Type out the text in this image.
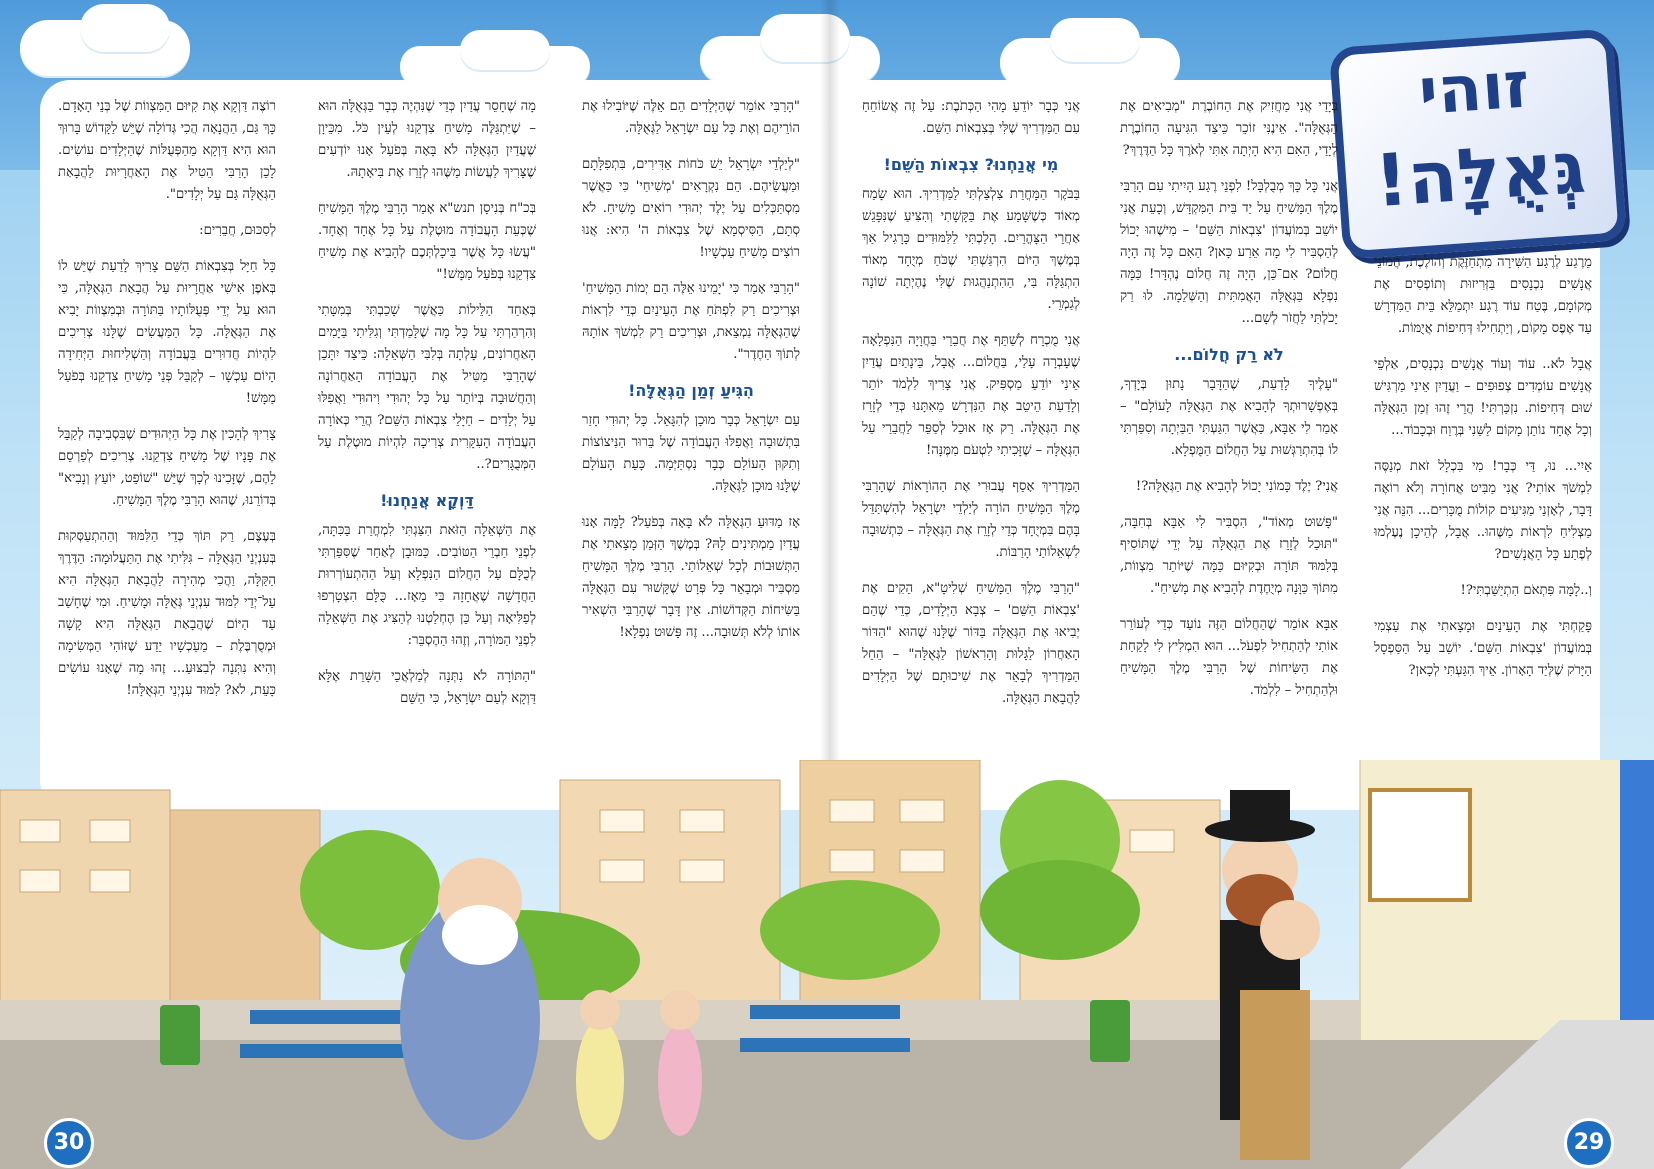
זוהי
גְּאֻלָּה!

מֵרֶגַע לְרֶגַע הַשִּׁירָה מִתְחַזֶּקֶת וְהוֹלֶכֶת, הֲמוֹנֵי אֲנָשִׁים נִכְנָסִים בַּזְּרִיזוּת וְתוֹפְסִים אֶת מְקוֹמָם, בֶּטַח עוֹד רֶגַע יִתְמַלֵּא בֵּית הַמִּדְרָשׁ עַד אֶפֶס מָקוֹם, וְיַתְחִילוּ דְּחִיפוֹת אֲיֻמּוֹת.

אֲבָל לֹא.. עוֹד וְעוֹד אֲנָשִׁים נִכְנָסִים, אַלְפֵי אֲנָשִׁים עוֹמְדִים צְפוּפִים – וַעֲדַיִן אֵינִי מַרְגִּישׁ שׁוּם דְּחִיפוֹת. נִזְכַּרְתִּי! הֲרֵי זֶהוּ זְמַן הַגְּאֻלָּה וְכָל אֶחָד נוֹתֵן מָקוֹם לַשֵּׁנִי בְּרֶוַח וּבְכָבוֹד...

אַיִי... נוּ, דַּי כְּבָר! מִי בִּכְלָל זֹאת מְנַסֶּה לִמְשֹׁךְ אוֹתִי? אֲנִי מַבִּיט אֲחוֹרָה וְלֹא רוֹאֶה דָּבָר, לְאָזְנַי מַגִּיעִים קוֹלוֹת מֻכָּרִים... הִנֵּה אֲנִי מַצְלִיחַ לִרְאוֹת מַשֶּׁהוּ.. אֲבָל, לְהֵיכָן נֶעֶלְמוּ לְפֶתַע כָּל הָאֲנָשִׁים?

וְ..לָמָּה פִּתְאֹם הִתְיַשַּׁבְתִּי?!

פָּקַחְתִּי אֶת הָעֵינַיִם וּמָצָאתִי אֶת עַצְמִי בְּמוֹעֲדוֹן 'צִבְאוֹת הַשֵּׁם'. יוֹשֵׁב עַל הַסַּפְסָל הַיָּרֹק שֶׁלְּיַד הָאָרוֹן. אֵיךְ הִגַּעְתִּי לְכָאן?

בְּיָדַי אֲנִי מַחֲזִיק אֶת הַחוֹבֶרֶת "מְבִיאִים אֶת הַגְּאֻלָּה". אֵינֶנִּי זוֹכֵר כֵּיצַד הִגִּיעָה הַחוֹבֶרֶת לְיָדַי, הַאִם הִיא הָיְתָה אִתִּי לְאֹרֶךְ כָּל הַדֶּרֶךְ?

אֲנִי כָּל כָּךְ מְבֻלְבָּל! לִפְנֵי רֶגַע הָיִיתִי עִם הָרַבִּי מֶלֶךְ הַמָּשִׁיחַ עַל יַד בֵּית הַמִּקְדָּשׁ, וְכָעֵת אֲנִי יוֹשֵׁב בְּמוֹעֲדוֹן 'צִבְאוֹת הַשֵּׁם' – מִישֶׁהוּ יָכוֹל לְהַסְבִּיר לִי מָה אֵרַע כָּאן? הַאִם כָּל זֶה הָיָה חֲלוֹם? אִם־כֵּן, הָיָה זֶה חֲלוֹם נֶהְדָּר! כַּמָּה נִפְלָא בַּגְּאֻלָּה הָאֲמִתִּית וְהַשְּׁלֵמָה. לוּ רַק יָכֹלְתִּי לַחֲזֹר לְשָׁם...

לֹא רַק חֲלוֹם...

"עָלֶיךָ לָדַעַת, שֶׁהַדָּבָר נָתוּן בְּיָדְךָ, בְּאֶפְשָׁרוּתְךָ לְהָבִיא אֶת הַגְּאֻלָּה לָעוֹלָם" – אָמַר לִי אַבָּא, כַּאֲשֶׁר הִגַּעְתִּי הַבַּיְתָה וְסִפַּרְתִּי לוֹ בְּהִתְרַגְּשׁוּת עַל הַחֲלוֹם הַמֻּפְלָא.

אֲנִי? יֶלֶד כָּמוֹנִי יָכוֹל לְהָבִיא אֶת הַגְּאֻלָּה?!

"פָּשׁוּט מְאוֹד", הִסְבִּיר לִי אַבָּא בְּחִבָּה, "תּוּכַל לְזָרֵז אֶת הַגְּאֻלָּה עַל יְדֵי שֶׁתּוֹסִיף בְּלִמּוּד תּוֹרָה וּבְקִיּוּם כַּמָּה שֶׁיּוֹתֵר מִצְווֹת, מִתּוֹךְ כַּוָּנָה מְיֻחֶדֶת לְהָבִיא אֶת מָשִׁיחַ".

אַבָּא אוֹמֵר שֶׁהַחֲלוֹם הַזֶּה נוֹעַד כְּדֵי לְעוֹרֵר אוֹתִי לְהַתְחִיל לִפְעֹל... הוּא הִמְלִיץ לִי לָקַחַת אֶת הַשִּׂיחוֹת שֶׁל הָרַבִּי מֶלֶךְ הַמָּשִׁיחַ וּלְהַתְחִיל – לִלְמֹד.

אֲנִי כְּבָר יוֹדֵעַ מָהִי הַכְּתֹבֶת: עַל זֶה אֲשׂוֹחֵחַ עִם הַמַּדְרִיךְ שֶׁלִּי בְּצִבְאוֹת הַשֵּׁם.

מִי אֲנַחְנוּ? צִבְאוֹת הַשֵּׁם!

בַּבֹּקֶר הַמָּחֳרַת צִלְצַלְתִּי לַמַּדְרִיךְ. הוּא שָׂמַח מְאוֹד כְּשֶׁשָּׁמַע אֶת בַּקָּשָׁתִי וְהִצִּיעַ שֶׁנִּפָּגֵשׁ אַחֲרֵי הַצָּהֳרַיִם. הָלַכְתִּי לַלִּמּוּדִים כָּרָגִיל אַךְ בְּמֶשֶׁךְ הַיּוֹם הִרְגַּשְׁתִּי שֶׁכֹּחַ מְיֻחָד מְאוֹד הִתְגַּלָּה בִּי, הַהִתְנַהֲגוּת שֶׁלִּי נֶהֶיְתָה שׁוֹנָה לְגַמְרֵי.

אֲנִי מֻכְרָח לְשַׁתֵּף אֶת חֲבֵרַי בַּחֲוָיָה הַנִּפְלָאָה שֶׁעָבְרָה עָלַי, בַּחֲלוֹם... אֲבָל, בֵּינָתַיִם עֲדַיִן אֵינִי יוֹדֵעַ מַסְפִּיק. אֲנִי צָרִיךְ לִלְמֹד יוֹתֵר וְלָדַעַת הֵיטֵב אֶת הַנִּדְרָשׁ מֵאִתָּנוּ כְּדֵי לְזָרֵז אֶת הַגְּאֻלָּה. רַק אָז אוּכַל לְסַפֵּר לַחֲבֵרַי עַל הַגְּאֻלָּה – שֶׁזָּכִיתִי לִטְעֹם מִמֶּנָּה!

הַמַּדְרִיךְ אָסַף עֲבוּרִי אֶת הַהוֹרָאוֹת שֶׁהָרַבִּי מֶלֶךְ הַמָּשִׁיחַ הוֹרָה לְיַלְדֵי יִשְׂרָאֵל לְהִשְׁתַּדֵּל בָּהֶם בִּמְיֻחָד כְּדֵי לְזָרֵז אֶת הַגְּאֻלָּה – כִּתְשׁוּבָה לִשְׁאֵלוֹתַי הָרַבּוֹת.

"הָרַבִּי מֶלֶךְ הַמָּשִׁיחַ שְׁלִיטָ"א, הֵקִים אֶת 'צִבְאוֹת הַשֵּׁם' – צְבָא הַיְּלָדִים, כְּדֵי שֶׁהֵם יְבִיאוּ אֶת הַגְּאֻלָּה בַּדּוֹר שֶׁלָּנוּ שֶׁהוּא "הַדּוֹר הָאַחֲרוֹן לַגָּלוּת וְהָרִאשׁוֹן לַגְּאֻלָּה" – הֵחֵל הַמַּדְרִיךְ לְבָאֵר אֶת שִׁיכוּתָם שֶׁל הַיְּלָדִים לַהֲבָאַת הַגְּאֻלָּה.

"הָרַבִּי אוֹמֵר שֶׁהַיְּלָדִים הֵם אֵלֶּה שֶׁיּוֹבִילוּ אֶת הוֹרֵיהֶם וְאֶת כָּל עַם יִשְׂרָאֵל לַגְּאֻלָּה.

"לְיַלְדֵי יִשְׂרָאֵל יֵשׁ כֹּחוֹת אַדִּירִים, בִּתְפִלָּתָם וּמַעֲשֵׂיהֶם. הֵם נִקְרָאִים 'מְשִׁיחַי' כִּי כַּאֲשֶׁר מִסְתַּכְּלִים עַל יֶלֶד יְהוּדִי רוֹאִים מָשִׁיחַ. לֹא סְתָם, הַסִּיסְמָא שֶׁל צִבְאוֹת ה' הִיא: אֲנוּ רוֹצִים מָשִׁיחַ עַכְשָׁיו!

"הָרַבִּי אָמַר כִּי 'יָמֵינוּ אֵלֶּה הֵם יְמוֹת הַמָּשִׁיחַ' וּצְרִיכִים רַק לִפְתֹּחַ אֶת הָעֵינַיִם כְּדֵי לִרְאוֹת שֶׁהַגְּאֻלָּה נִמְצֵאת, וּצְרִיכִים רַק לִמְשֹׁךְ אוֹתָהּ לְתוֹךְ הַחֶדֶר".

הִגִּיעַ זְמַן הַגְּאֻלָּה!

עַם יִשְׂרָאֵל כְּבָר מוּכָן לְהִגָּאֵל. כָּל יְהוּדִי חָזַר בִּתְשׁוּבָה וַאֲפִלּוּ הָעֲבוֹדָה שֶׁל בֵּרוּר הַנִּיצוֹצוֹת וְתִקּוּן הָעוֹלָם כְּבָר נִסְתַּיְּמָה. כָּעֵת הָעוֹלָם שֶׁלָּנוּ מוּכָן לַגְּאֻלָּה.

אָז מַדּוּעַ הַגְּאֻלָּה לֹא בָּאָה בְּפֹעַל? לָמָּה אָנוּ עֲדַיִן מַמְתִּינִים לָהּ? בְּמֶשֶׁךְ הַזְּמַן מָצָאתִי אֶת הַתְּשׁוּבוֹת לְכָל שְׁאֵלוֹתַי. הָרַבִּי מֶלֶךְ הַמָּשִׁיחַ מַסְבִּיר וּמְבָאֵר כָּל פְּרָט שֶׁקָּשׁוּר עִם הַגְּאֻלָּה בַּשִּׂיחוֹת הַקְּדוֹשׁוֹת. אֵין דָּבָר שֶׁהָרַבִּי הִשְׁאִיר אוֹתוֹ לְלֹא תְּשׁוּבָה... זֶה פָּשׁוּט נִפְלָא!

מָה שֶׁחָסֵר עֲדַיִן כְּדֵי שֶׁנִּהְיֶה כְּבָר בַּגְּאֻלָּה הוּא – שֶׁיִּתְגַּלֶּה מָשִׁיחַ צִדְקֵנוּ לְעֵין כֹּל. מִכֵּיוָן שֶׁעֲדַיִן הַגְּאֻלָּה לֹא בָּאָה בְּפֹעַל אָנוּ יוֹדְעִים שֶׁצָּרִיךְ לַעֲשׂוֹת מַשֶּׁהוּ לְזָרֵז אֶת בִּיאָתָהּ.

בְּכ"ח בְּנִיסָן תנש"א אָמַר הָרַבִּי מֶלֶךְ הַמָּשִׁיחַ שֶׁכְּעֵת הָעֲבוֹדָה מוּטֶלֶת עַל כָּל אֶחָד וְאֶחָד. "עֲשׂוּ כָּל אֲשֶׁר בִּיכָלְתְּכֶם לְהָבִיא אֶת מָשִׁיחַ צִדְקֵנוּ בְּפֹעַל מַמָּשׁ!"

בְּאַחַד הַלֵּילוֹת כַּאֲשֶׁר שָׁכַבְתִּי בְּמִטָּתִי וְהִרְהַרְתִּי עַל כָּל מָה שֶׁלָּמַדְתִּי וְגִלִּיתִי בַּיָּמִים הָאַחֲרוֹנִים, עָלְתָה בְּלִבִּי הַשְּׁאֵלָה: כֵּיצַד יִתָּכֵן שֶׁהָרַבִּי מַטִּיל אֶת הָעֲבוֹדָה הָאַחֲרוֹנָה וְהַחֲשׁוּבָה בְּיוֹתֵר עַל כָּל יְהוּדִי וִיהוּדִי וַאֲפִלּוּ עַל יְלָדִים – חַיָּלֵי צִבְאוֹת הַשֵּׁם? הֲרֵי כְּאוֹרָה הָעֲבוֹדָה הָעִקָּרִית צְרִיכָה לִהְיוֹת מוּטֶלֶת עַל הַמְּבֻגָּרִים?..

דַּוְקָא אֲנַחְנוּ!

אֶת הַשְּׁאֵלָה הַזֹּאת הִצַּגְתִּי לִמְחֳרַת בַּכִּתָּה, לִפְנֵי חַבְרֵי הַטּוֹבִים. כַּמּוּבָן לְאַחַר שֶׁסִּפַּרְתִּי לְכֻלָּם עַל הַחֲלוֹם הַנִּפְלָא וְעַל הַהִתְעוֹרְרוּת הַחֲדָשָׁה שֶׁאֲחָזָה בִּי מֵאָז... כֻּלָּם הִצְטָרְפוּ לְפַלִּיאָה וְעַל כֵּן הֶחְלַטְנוּ לְהַצִּיג אֶת הַשְּׁאֵלָה לִפְנֵי הַמּוֹרָה, וְזֶהוּ הַהֶסְבֵּר:

"הַתּוֹרָה לֹא נִתְּנָה לְמַלְאֲכֵי הַשָּׁרֵת אֶלָּא דַּוְקָא לְעַם יִשְׂרָאֵל, כִּי הַשֵּׁם

רוֹצֶה דַּוְקָא אֶת קִיּוּם הַמִּצְווֹת שֶׁל בְּנֵי הָאָדָם. כָּךְ גַּם, הַהֲנָאָה הֲכִי גְּדוֹלָה שֶׁיֵּשׁ לַקָּדוֹשׁ בָּרוּךְ הוּא הִיא דַּוְקָא מֵהַפְּעֻלּוֹת שֶׁהַיְּלָדִים עוֹשִׂים. לָכֵן הָרַבִּי הֵטִיל אֶת הָאַחֲרָיוּת לַהֲבָאַת הַגְּאֻלָּה גַּם עַל יְלָדִים".

לְסִכּוּם, חֲבֵרִים:

כָּל חַיָּל בְּצִבְאוֹת הַשֵּׁם צָרִיךְ לָדַעַת שֶׁיֵּשׁ לוֹ בְּאֹפֶן אִישִׁי אַחֲרָיוּת עַל הֲבָאַת הַגְּאֻלָּה, כִּי הוּא עַל יְדֵי פְּעֻלּוֹתָיו בַּתּוֹרָה וּבְמִצְווֹת יָבִיא אֶת הַגְּאֻלָּה. כָּל הַמַּעֲשִׂים שֶׁלָּנוּ צְרִיכִים לִהְיוֹת חֲדוּרִים בַּעֲבוֹדָה וְהַשְׁלִיחוּת הַיְּחִידָה הָיוֹם עַכְשָׁו – לְקַבֵּל פְּנֵי מָשִׁיחַ צִדְקֵנוּ בְּפֹעַל מַמָּשׁ!

צָרִיךְ לְהָכִין אֶת כָּל הַיְּהוּדִים שֶׁבִּסְבִיבָה לְקַבֵּל אֶת פָּנָיו שֶׁל מָשִׁיחַ צִדְקֵנוּ. צְרִיכִים לְפַרְסֵם לָהֶם, שֶׁזָּכִינוּ לְכָךְ שֶׁיֵּשׁ "שׁוֹפֵט, יוֹעֵץ וְנָבִיא" בְּדוֹרֵנוּ, שֶׁהוּא הָרַבִּי מֶלֶךְ הַמָּשִׁיחַ.

בְּעֶצֶם, רַק תּוֹךְ כְּדֵי הַלִּמּוּד וְהַהִתְעַסְּקוּת בְּעִנְיְנֵי הַגְּאֻלָּה – גִּלִּיתִי אֶת הַתַּעֲלוּמָה: הַדֶּרֶךְ הַקַּלָּה, וַהֲכִי מְהִירָה לַהֲבָאַת הַגְּאֻלָּה הִיא עַל־יְדֵי לִמּוּד עִנְיְנֵי גְּאֻלָּה וּמָשִׁיחַ. וּמִי שֶׁחָשַׁב עַד הַיּוֹם שֶׁהֲבָאַת הַגְּאֻלָּה הִיא קָשָׁה וּמְסֻרְבֶּלֶת – מֵעַכְשָׁיו יֵדַע שֶׁזּוֹהִי הַמְּשִׂימָה וְהִיא נִתְּנָה לְבִצּוּעַ... זֶהוּ מָה שֶׁאָנוּ עוֹשִׂים כָּעֵת, לֹא? לִמּוּד עִנְיְנֵי הַגְּאֻלָּה!

30	29
